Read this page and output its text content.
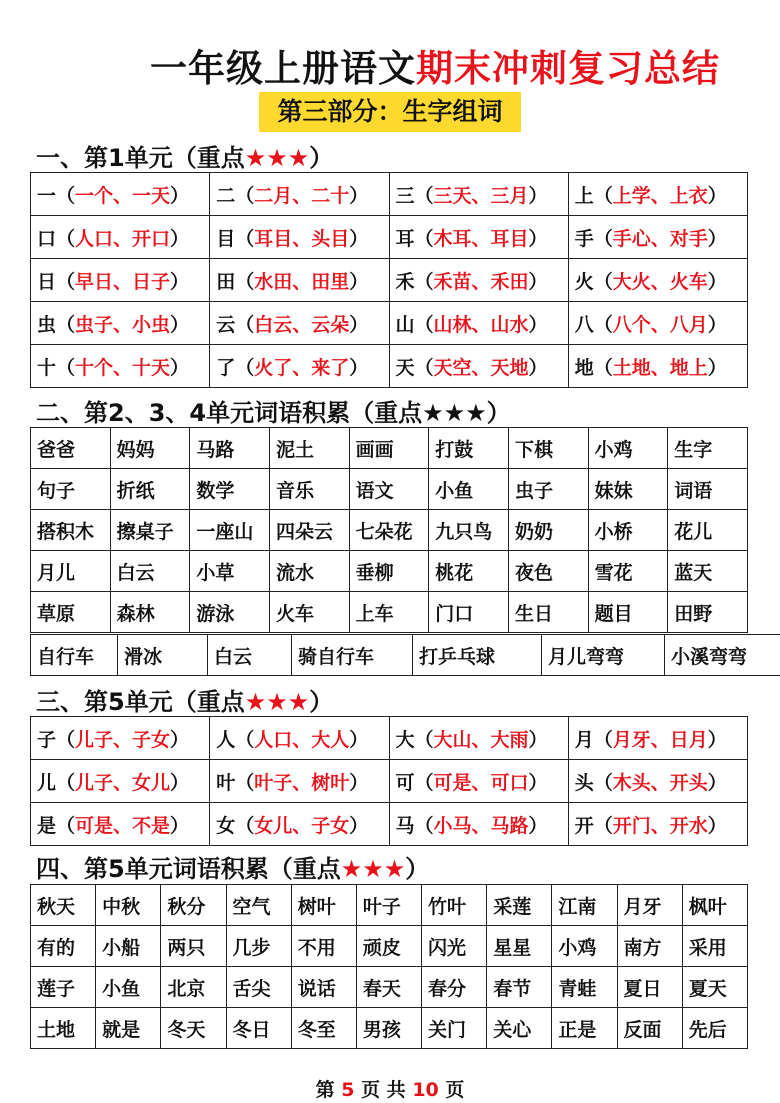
一年级上册语文期末冲刺复习总结
第三部分：生字组词
一、第1单元（重点★★★）
一（一个、一天）	二（二月、二十）	三（三天、三月）	上（上学、上衣）
口（人口、开口）	目（耳目、头目）	耳（木耳、耳目）	手（手心、对手）
日（早日、日子）	田（水田、田里）	禾（禾苗、禾田）	火（大火、火车）
虫（虫子、小虫）	云（白云、云朵）	山（山林、山水）	八（八个、八月）
十（十个、十天）	了（火了、来了）	天（天空、天地）	地（土地、地上）
二、第2、3、4单元词语积累（重点★★★）
爸爸	妈妈	马路	泥土	画画	打鼓	下棋	小鸡	生字
句子	折纸	数学	音乐	语文	小鱼	虫子	妹妹	词语
搭积木	擦桌子	一座山	四朵云	七朵花	九只鸟	奶奶	小桥	花儿
月儿	白云	小草	流水	垂柳	桃花	夜色	雪花	蓝天
草原	森林	游泳	火车	上车	门口	生日	题目	田野
自行车	滑冰	白云	骑自行车	打乒乓球	月儿弯弯	小溪弯弯
三、第5单元（重点★★★）
子（儿子、子女）	人（人口、大人）	大（大山、大雨）	月（月牙、日月）
儿（儿子、女儿）	叶（叶子、树叶）	可（可是、可口）	头（木头、开头）
是（可是、不是）	女（女儿、子女）	马（小马、马路）	开（开门、开水）
四、第5单元词语积累（重点★★★）
秋天	中秋	秋分	空气	树叶	叶子	竹叶	采莲	江南	月牙	枫叶
有的	小船	两只	几步	不用	顽皮	闪光	星星	小鸡	南方	采用
莲子	小鱼	北京	舌尖	说话	春天	春分	春节	青蛙	夏日	夏天
土地	就是	冬天	冬日	冬至	男孩	关门	关心	正是	反面	先后
第 5 页 共 10 页
